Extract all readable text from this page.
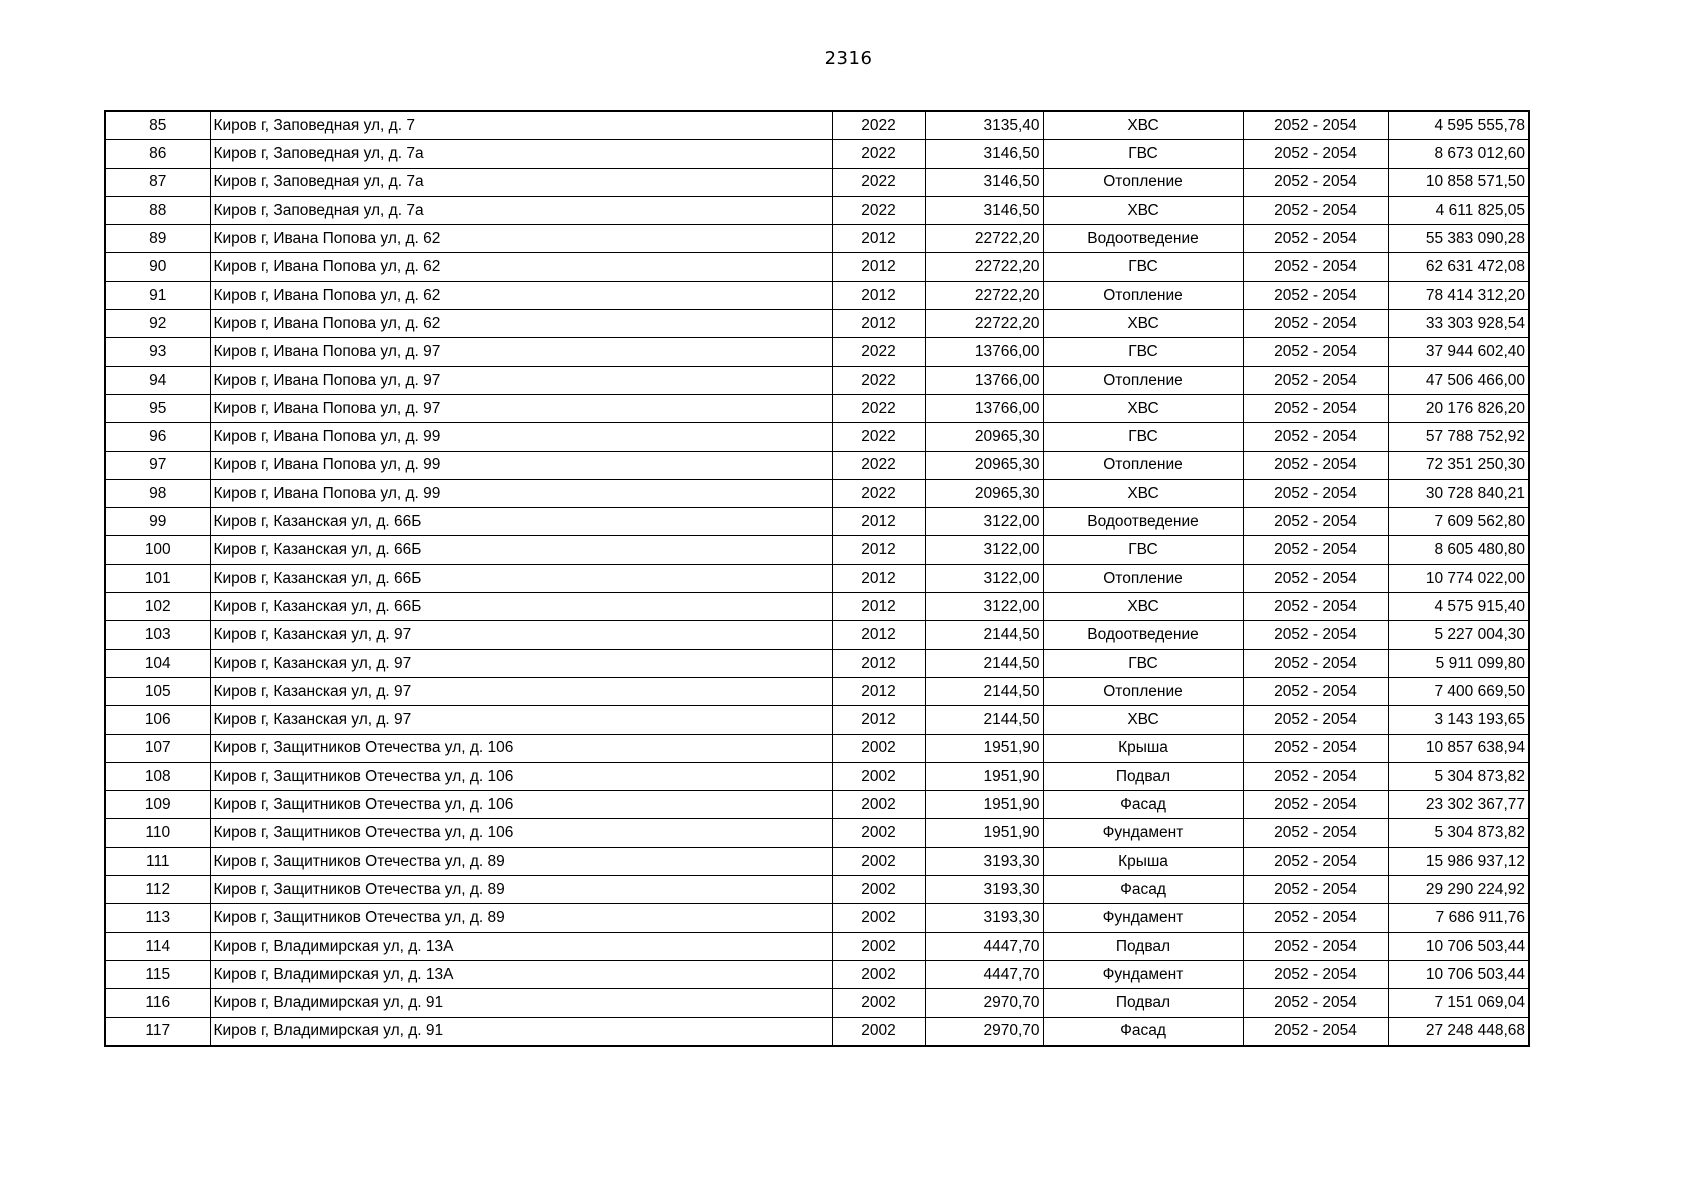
2316
85	Киров г, Заповедная ул, д. 7	2022	3135,40	ХВС	2052 - 2054	4 595 555,78
86	Киров г, Заповедная ул, д. 7а	2022	3146,50	ГВС	2052 - 2054	8 673 012,60
87	Киров г, Заповедная ул, д. 7а	2022	3146,50	Отопление	2052 - 2054	10 858 571,50
88	Киров г, Заповедная ул, д. 7а	2022	3146,50	ХВС	2052 - 2054	4 611 825,05
89	Киров г, Ивана Попова ул, д. 62	2012	22722,20	Водоотведение	2052 - 2054	55 383 090,28
90	Киров г, Ивана Попова ул, д. 62	2012	22722,20	ГВС	2052 - 2054	62 631 472,08
91	Киров г, Ивана Попова ул, д. 62	2012	22722,20	Отопление	2052 - 2054	78 414 312,20
92	Киров г, Ивана Попова ул, д. 62	2012	22722,20	ХВС	2052 - 2054	33 303 928,54
93	Киров г, Ивана Попова ул, д. 97	2022	13766,00	ГВС	2052 - 2054	37 944 602,40
94	Киров г, Ивана Попова ул, д. 97	2022	13766,00	Отопление	2052 - 2054	47 506 466,00
95	Киров г, Ивана Попова ул, д. 97	2022	13766,00	ХВС	2052 - 2054	20 176 826,20
96	Киров г, Ивана Попова ул, д. 99	2022	20965,30	ГВС	2052 - 2054	57 788 752,92
97	Киров г, Ивана Попова ул, д. 99	2022	20965,30	Отопление	2052 - 2054	72 351 250,30
98	Киров г, Ивана Попова ул, д. 99	2022	20965,30	ХВС	2052 - 2054	30 728 840,21
99	Киров г, Казанская ул, д. 66Б	2012	3122,00	Водоотведение	2052 - 2054	7 609 562,80
100	Киров г, Казанская ул, д. 66Б	2012	3122,00	ГВС	2052 - 2054	8 605 480,80
101	Киров г, Казанская ул, д. 66Б	2012	3122,00	Отопление	2052 - 2054	10 774 022,00
102	Киров г, Казанская ул, д. 66Б	2012	3122,00	ХВС	2052 - 2054	4 575 915,40
103	Киров г, Казанская ул, д. 97	2012	2144,50	Водоотведение	2052 - 2054	5 227 004,30
104	Киров г, Казанская ул, д. 97	2012	2144,50	ГВС	2052 - 2054	5 911 099,80
105	Киров г, Казанская ул, д. 97	2012	2144,50	Отопление	2052 - 2054	7 400 669,50
106	Киров г, Казанская ул, д. 97	2012	2144,50	ХВС	2052 - 2054	3 143 193,65
107	Киров г, Защитников Отечества ул, д. 106	2002	1951,90	Крыша	2052 - 2054	10 857 638,94
108	Киров г, Защитников Отечества ул, д. 106	2002	1951,90	Подвал	2052 - 2054	5 304 873,82
109	Киров г, Защитников Отечества ул, д. 106	2002	1951,90	Фасад	2052 - 2054	23 302 367,77
110	Киров г, Защитников Отечества ул, д. 106	2002	1951,90	Фундамент	2052 - 2054	5 304 873,82
111	Киров г, Защитников Отечества ул, д. 89	2002	3193,30	Крыша	2052 - 2054	15 986 937,12
112	Киров г, Защитников Отечества ул, д. 89	2002	3193,30	Фасад	2052 - 2054	29 290 224,92
113	Киров г, Защитников Отечества ул, д. 89	2002	3193,30	Фундамент	2052 - 2054	7 686 911,76
114	Киров г, Владимирская ул, д. 13А	2002	4447,70	Подвал	2052 - 2054	10 706 503,44
115	Киров г, Владимирская ул, д. 13А	2002	4447,70	Фундамент	2052 - 2054	10 706 503,44
116	Киров г, Владимирская ул, д. 91	2002	2970,70	Подвал	2052 - 2054	7 151 069,04
117	Киров г, Владимирская ул, д. 91	2002	2970,70	Фасад	2052 - 2054	27 248 448,68
